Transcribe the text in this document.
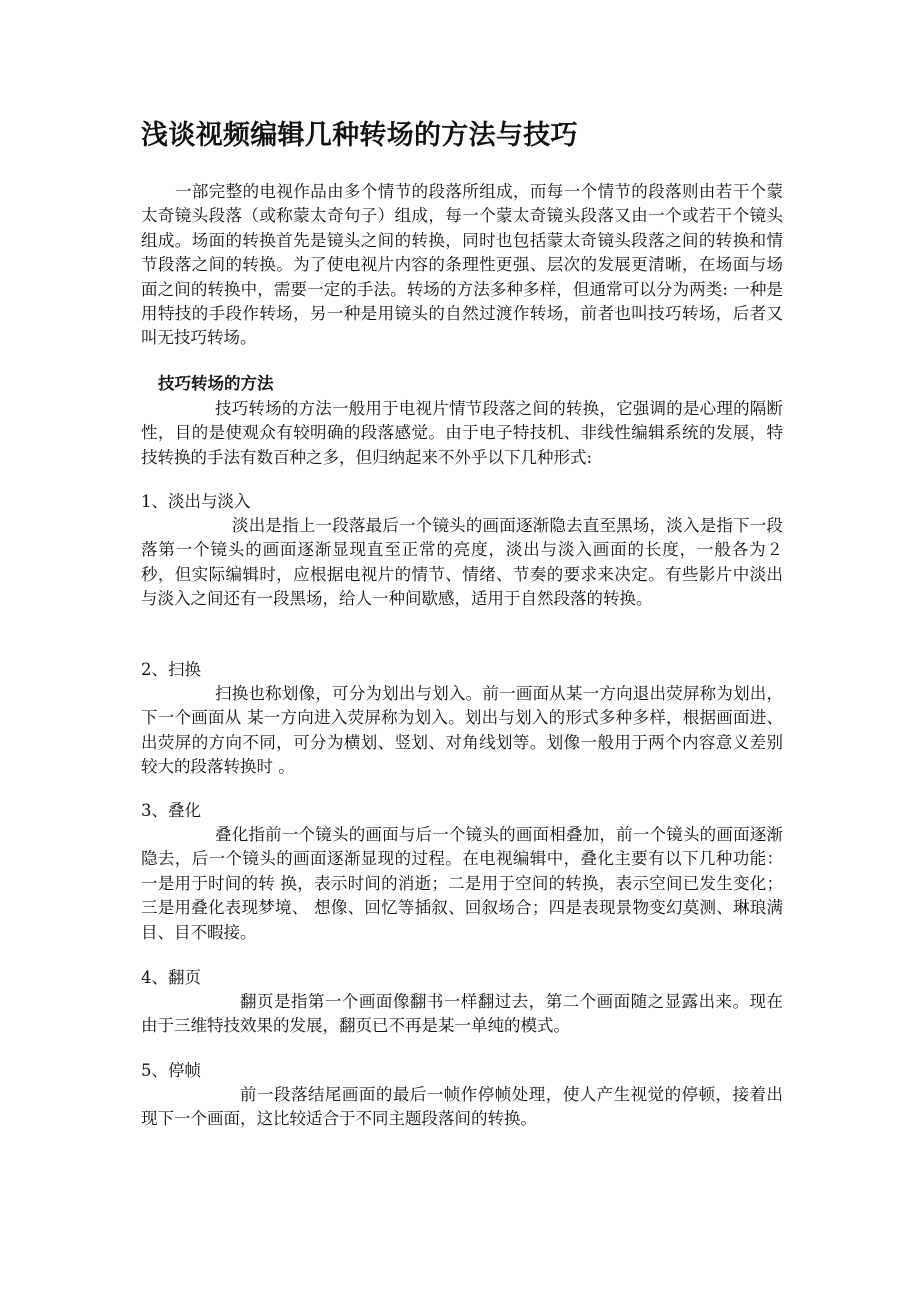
浅谈视频编辑几种转场的方法与技巧

一部完整的电视作品由多个情节的段落所组成，而每一个情节的段落则由若干个蒙太奇镜头段落（或称蒙太奇句子）组成，每一个蒙太奇镜头段落又由一个或若干个镜头组成。场面的转换首先是镜头之间的转换，同时也包括蒙太奇镜头段落之间的转换和情节段落之间的转换。为了使电视片内容的条理性更强、层次的发展更清晰，在场面与场面之间的转换中，需要一定的手法。转场的方法多种多样，但通常可以分为两类: 一种是用特技的手段作转场，另一种是用镜头的自然过渡作转场，前者也叫技巧转场，后者又叫无技巧转场。

技巧转场的方法

技巧转场的方法一般用于电视片情节段落之间的转换，它强调的是心理的隔断性，目的是使观众有较明确的段落感觉。由于电子特技机、非线性编辑系统的发展，特技转换的手法有数百种之多，但归纳起来不外乎以下几种形式:

1、淡出与淡入

淡出是指上一段落最后一个镜头的画面逐渐隐去直至黑场，淡入是指下一段落第一个镜头的画面逐渐显现直至正常的亮度，淡出与淡入画面的长度，一般各为２秒，但实际编辑时，应根据电视片的情节、情绪、节奏的要求来决定。有些影片中淡出与淡入之间还有一段黑场，给人一种间歇感，适用于自然段落的转换。

2、扫换

扫换也称划像，可分为划出与划入。前一画面从某一方向退出荧屏称为划出，下一个画面从 某一方向进入荧屏称为划入。划出与划入的形式多种多样，根据画面进、出荧屏的方向不同，可分为横划、竖划、对角线划等。划像一般用于两个内容意义差别较大的段落转换时 。

3、叠化

叠化指前一个镜头的画面与后一个镜头的画面相叠加，前一个镜头的画面逐渐隐去，后一个镜头的画面逐渐显现的过程。在电视编辑中，叠化主要有以下几种功能：一是用于时间的转 换，表示时间的消逝；二是用于空间的转换，表示空间已发生变化；三是用叠化表现梦境、 想像、回忆等插叙、回叙场合；四是表现景物变幻莫测、琳琅满目、目不暇接。

4、翻页

翻页是指第一个画面像翻书一样翻过去，第二个画面随之显露出来。现在由于三维特技效果的发展，翻页已不再是某一单纯的模式。

5、停帧

前一段落结尾画面的最后一帧作停帧处理，使人产生视觉的停顿，接着出现下一个画面，这比较适合于不同主题段落间的转换。
